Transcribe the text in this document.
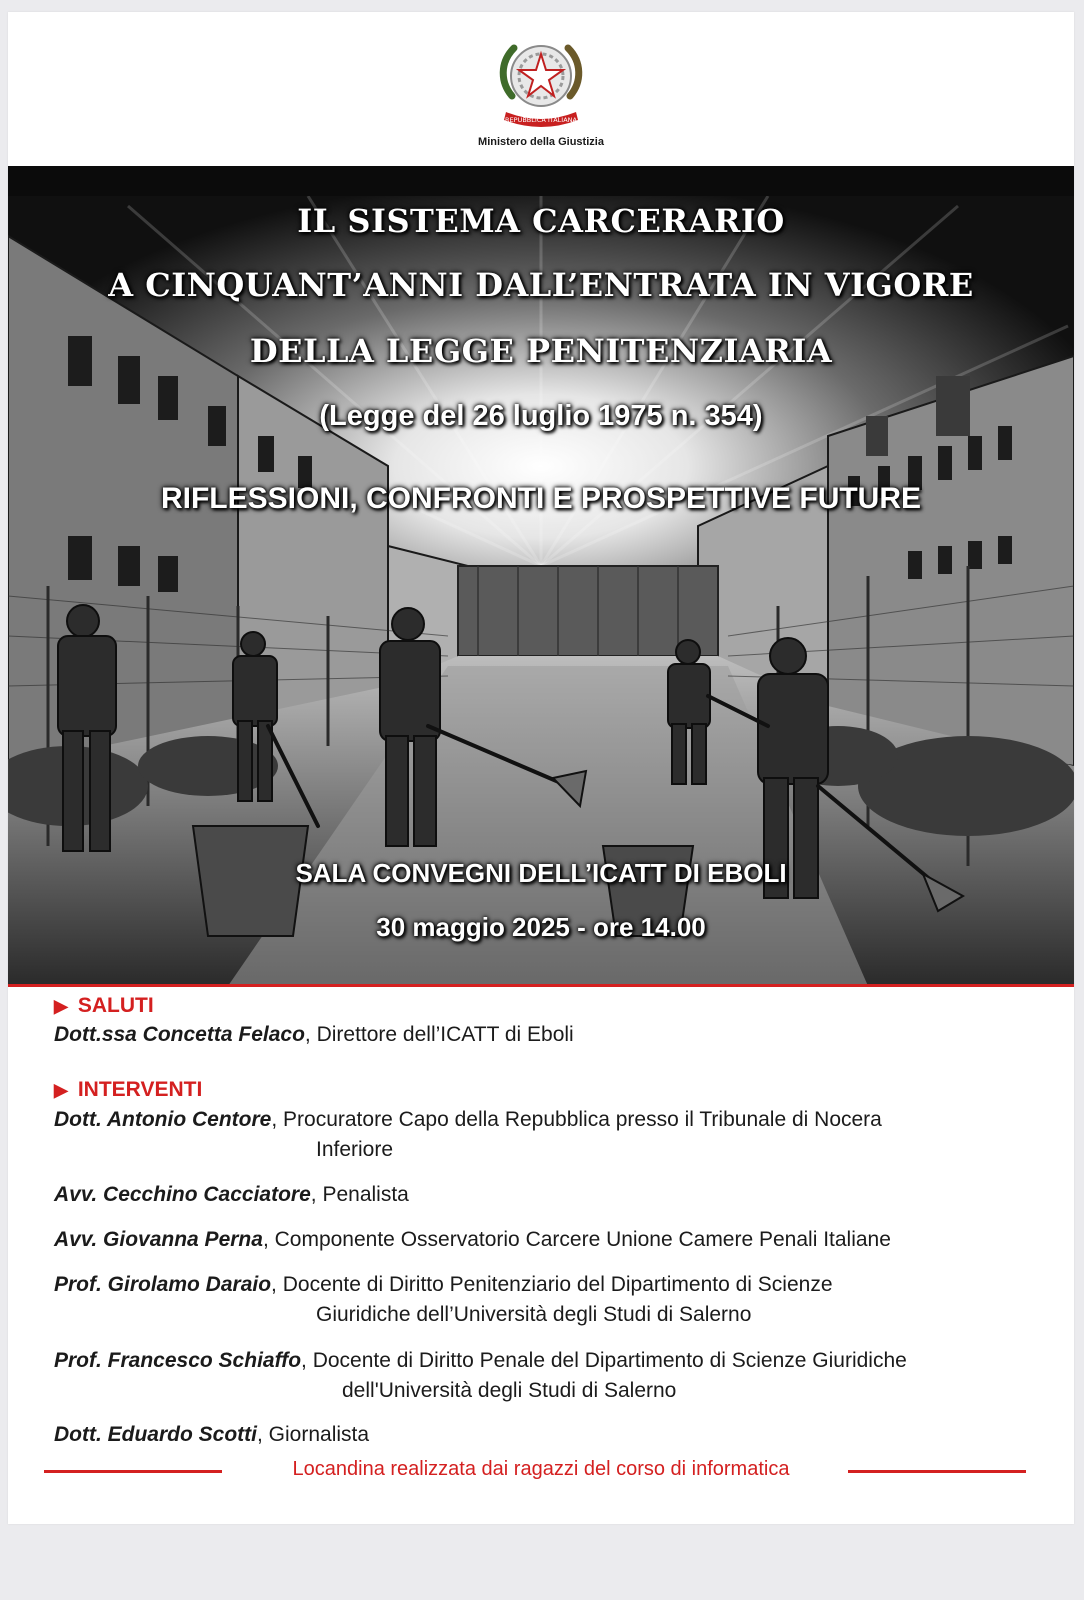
REPUBBLICA ITALIANA
Ministero della Giustizia
IL SISTEMA CARCERARIO
A CINQUANT’ANNI DALL’ENTRATA IN VIGORE
DELLA LEGGE PENITENZIARIA
(Legge del 26 luglio 1975 n. 354)
RIFLESSIONI, CONFRONTI E PROSPETTIVE FUTURE
SALA CONVEGNI DELL’ICATT DI EBOLI
30 maggio 2025 - ore 14.00
▶ SALUTI
Dott.ssa Concetta Felaco, Direttore dell’ICATT di Eboli
▶ INTERVENTI
Dott. Antonio Centore, Procuratore Capo della Repubblica presso il Tribunale di Nocera
Inferiore
Avv. Cecchino Cacciatore, Penalista
Avv. Giovanna Perna, Componente Osservatorio Carcere Unione Camere Penali Italiane
Prof. Girolamo Daraio, Docente di Diritto Penitenziario del Dipartimento di Scienze
Giuridiche dell’Università degli Studi di Salerno
Prof. Francesco Schiaffo, Docente di Diritto Penale del Dipartimento di Scienze Giuridiche
dell'Università degli Studi di Salerno
Dott. Eduardo Scotti, Giornalista
Locandina realizzata dai ragazzi del corso di informatica
